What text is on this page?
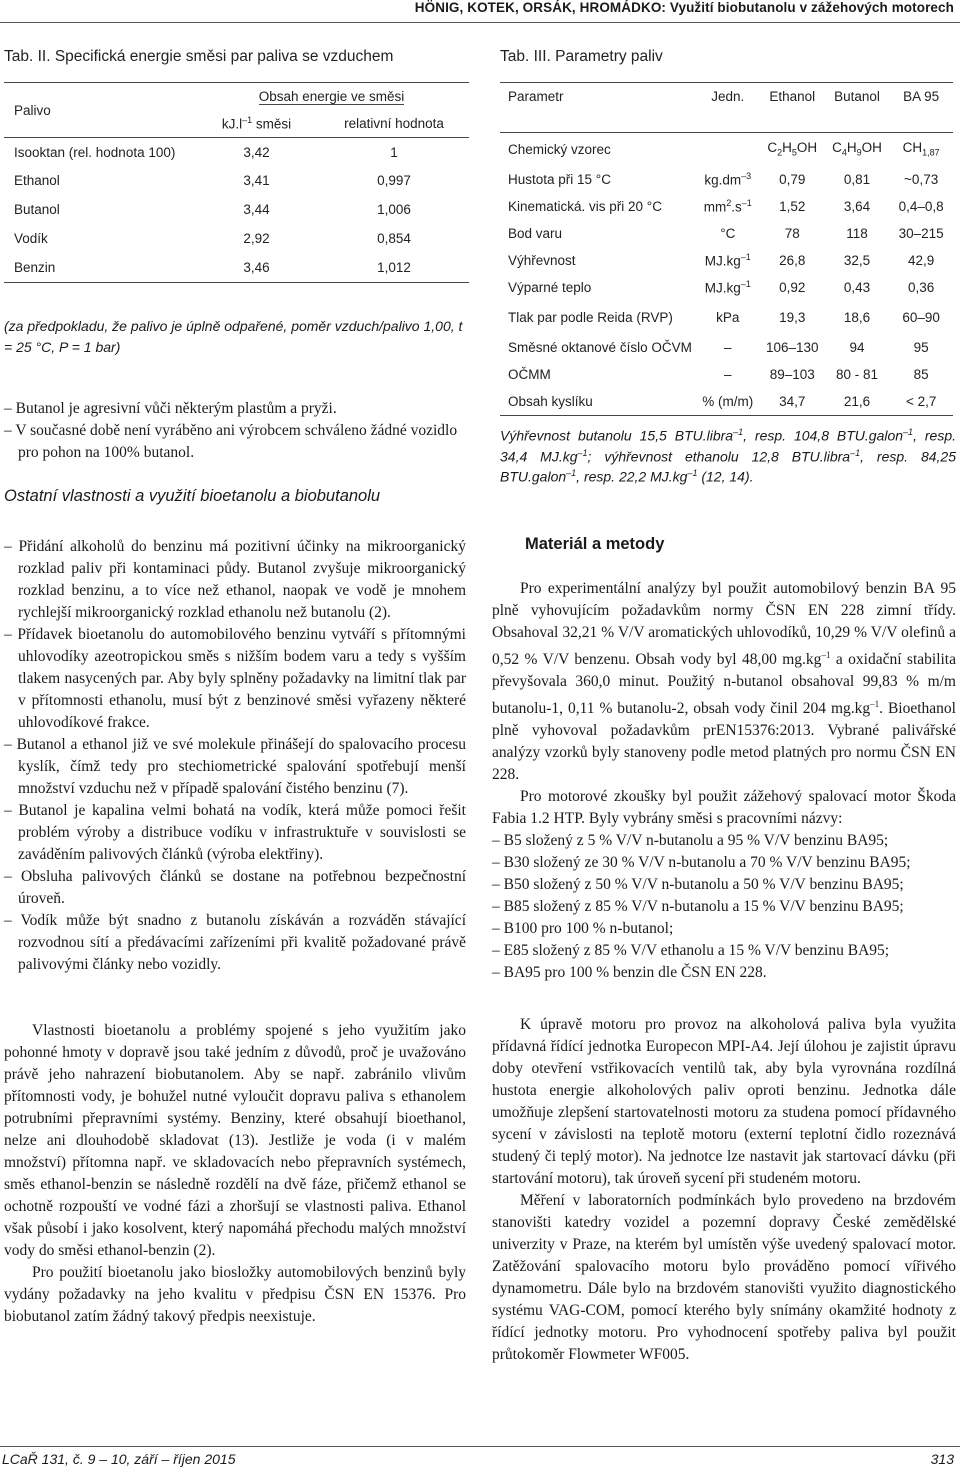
HÖNIG, KOTEK, ORSÁK, HROMÁDKO: Využití biobutanolu v zážehových motorech
Tab. II. Specifická energie směsi par paliva se vzduchem
Palivo	Obsah energie ve směsi	
	$kJ.l^{-1}$ směsi	relativní hodnota

Isooktan (rel. hodnota 100)	3,42	1
Ethanol	3,41	0,997
Butanol	3,44	1,006
Vodík	2,92	0,854
Benzin	3,46	1,012
(za předpokladu, že palivo je úplně odpařené, poměr vzduch/palivo 1,00, t = 25 °C, P = 1 bar)
– Butanol je agresivní vůči některým plastům a pryži.
– V současné době není vyráběno ani výrobcem schváleno žádné vozidlo pro pohon na 100% butanol.
Ostatní vlastnosti a využití bioetanolu a biobutanolu
– Přidání alkoholů do benzinu má pozitivní účinky na mikroorganický rozklad paliv při kontaminaci půdy. Butanol zvyšuje mikroorganický rozklad benzinu, a to více než ethanol, naopak ve vodě je mnohem rychlejší mikroorganický rozklad ethanolu než butanolu (2).
– Přídavek bioetanolu do automobilového benzinu vytváří s přítomnými uhlovodíky azeotropickou směs s nižším bodem varu a tedy s vyšším tlakem nasycených par. Aby byly splněny požadavky na limitní tlak par v přítomnosti ethanolu, musí být z benzinové směsi vyřazeny některé uhlovodíkové frakce.
– Butanol a ethanol již ve své molekule přinášejí do spalovacího procesu kyslík, čímž tedy pro stechiometrické spalování spotřebují menší množství vzduchu než v případě spalování čistého benzinu (7).
– Butanol je kapalina velmi bohatá na vodík, která může pomoci řešit problém výroby a distribuce vodíku v infrastruktuře v souvislosti se zaváděním palivových článků (výroba elektřiny).
– Obsluha palivových článků se dostane na potřebnou bezpečnostní úroveň.
– Vodík může být snadno z butanolu získáván a rozváděn stávající rozvodnou sítí a předávacími zařízeními při kvalitě požadované právě palivovými články nebo vozidly.

Vlastnosti bioetanolu a problémy spojené s jeho využitím jako pohonné hmoty v dopravě jsou také jedním z důvodů, proč je uvažováno právě jeho nahrazení biobutanolem. Aby se např. zabránilo vlivům přítomnosti vody, je bohužel nutné vyloučit dopravu paliva s ethanolem potrubními přepravními systémy. Benziny, které obsahují bioethanol, nelze ani dlouhodobě skladovat (13). Jestliže je voda (i v malém množství) přítomna např. ve skladovacích nebo přepravních systémech, směs ethanol-benzin se následně rozdělí na dvě fáze, přičemž ethanol se ochotně rozpouští ve vodné fázi a zhoršují se vlastnosti paliva. Ethanol však působí i jako kosolvent, který napomáhá přechodu malých množství vody do směsi ethanol-benzin (2).

Pro použití bioetanolu jako biosložky automobilových benzinů byly vydány požadavky na jeho kvalitu v předpisu ČSN EN 15376. Pro biobutanol zatím žádný takový předpis neexistuje.

Tab. III. Parametry paliv
Parametr	Jedn.	Ethanol	Butanol	BA 95

Chemický vzorec		$C_2H_5OH$	$C_4H_9OH$	$CH_{1,87}$
Hustota při 15 °C	$kg.dm^{-3}$	0,79	0,81	~0,73
Kinematická. vis při 20 °C	$mm^2.s^{-1}$	1,52	3,64	0,4–0,8
Bod varu	°C	78	118	30–215
Výhřevnost	$MJ.kg^{-1}$	26,8	32,5	42,9
Výparné teplo	$MJ.kg^{-1}$	0,92	0,43	0,36
Tlak par podle Reida (RVP)	kPa	19,3	18,6	60–90
Směsné oktanové číslo OČVM	–	106–130	94	95
OČMM	–	89–103	80 - 81	85
Obsah kyslíku	% (m/m)	34,7	21,6	< 2,7
Výhřevnost butanolu 15,5 BTU.libra$^{-1}$, resp. 104,8 BTU.galon$^{-1}$, resp. 34,4 $MJ.kg^{-1}$; výhřevnost ethanolu 12,8 BTU.libra$^{-1}$, resp. 84,25 BTU.galon$^{-1}$, resp. 22,2 $MJ.kg^{-1}$ (12, 14).
Materiál a metody

Pro experimentální analýzy byl použit automobilový benzin BA 95 plně vyhovujícím požadavkům normy ČSN EN 228 zimní třídy. Obsahoval 32,21 % V/V aromatických uhlovodíků, 10,29 % V/V olefinů a 0,52 % V/V benzenu. Obsah vody byl 48,00 $mg.kg^{-1}$ a oxidační stabilita převyšovala 360,0 minut. Použitý n-butanol obsahoval 99,83 % m/m butanolu-1, 0,11 % butanolu-2, obsah vody činil 204 $mg.kg^{-1}$. Bioethanol plně vyhovoval požadavkům prEN15376:2013. Vybrané palivářské analýzy vzorků byly stanoveny podle metod platných pro normu ČSN EN 228.

Pro motorové zkoušky byl použit zážehový spalovací motor Škoda Fabia 1.2 HTP. Byly vybrány směsi s pracovními názvy:

– B5 složený z 5 % V/V n-butanolu a 95 % V/V benzinu BA95;
– B30 složený ze 30 % V/V n-butanolu a 70 % V/V benzinu BA95;
– B50 složený z 50 % V/V n-butanolu a 50 % V/V benzinu BA95;
– B85 složený z 85 % V/V n-butanolu a 15 % V/V benzinu BA95;
– B100 pro 100 % n-butanol;
– E85 složený z 85 % V/V ethanolu a 15 % V/V benzinu BA95;
– BA95 pro 100 % benzin dle ČSN EN 228.

K úpravě motoru pro provoz na alkoholová paliva byla využita přídavná řídící jednotka Europecon MPI-A4. Její úlohou je zajistit úpravu doby otevření vstřikovacích ventilů tak, aby byla vyrovnána rozdílná hustota energie alkoholových paliv oproti benzinu. Jednotka dále umožňuje zlepšení startovatelnosti motoru za studena pomocí přídavného sycení v závislosti na teplotě motoru (externí teplotní čidlo rozeznává studený či teplý motor). Na jednotce lze nastavit jak startovací dávku (při startování motoru), tak úroveň sycení při studeném motoru.

Měření v laboratorních podmínkách bylo provedeno na brzdovém stanovišti katedry vozidel a pozemní dopravy České zemědělské univerzity v Praze, na kterém byl umístěn výše uvedený spalovací motor. Zatěžování spalovacího motoru bylo prováděno pomocí vířivého dynamometru. Dále bylo na brzdovém stanovišti využito diagnostického systému VAG-COM, pomocí kterého byly snímány okamžité hodnoty z řídící jednotky motoru. Pro vyhodnocení spotřeby paliva byl použit průtokoměr Flowmeter WF005.

LCaŘ 131, č. 9 – 10, září – říjen 2015	313
